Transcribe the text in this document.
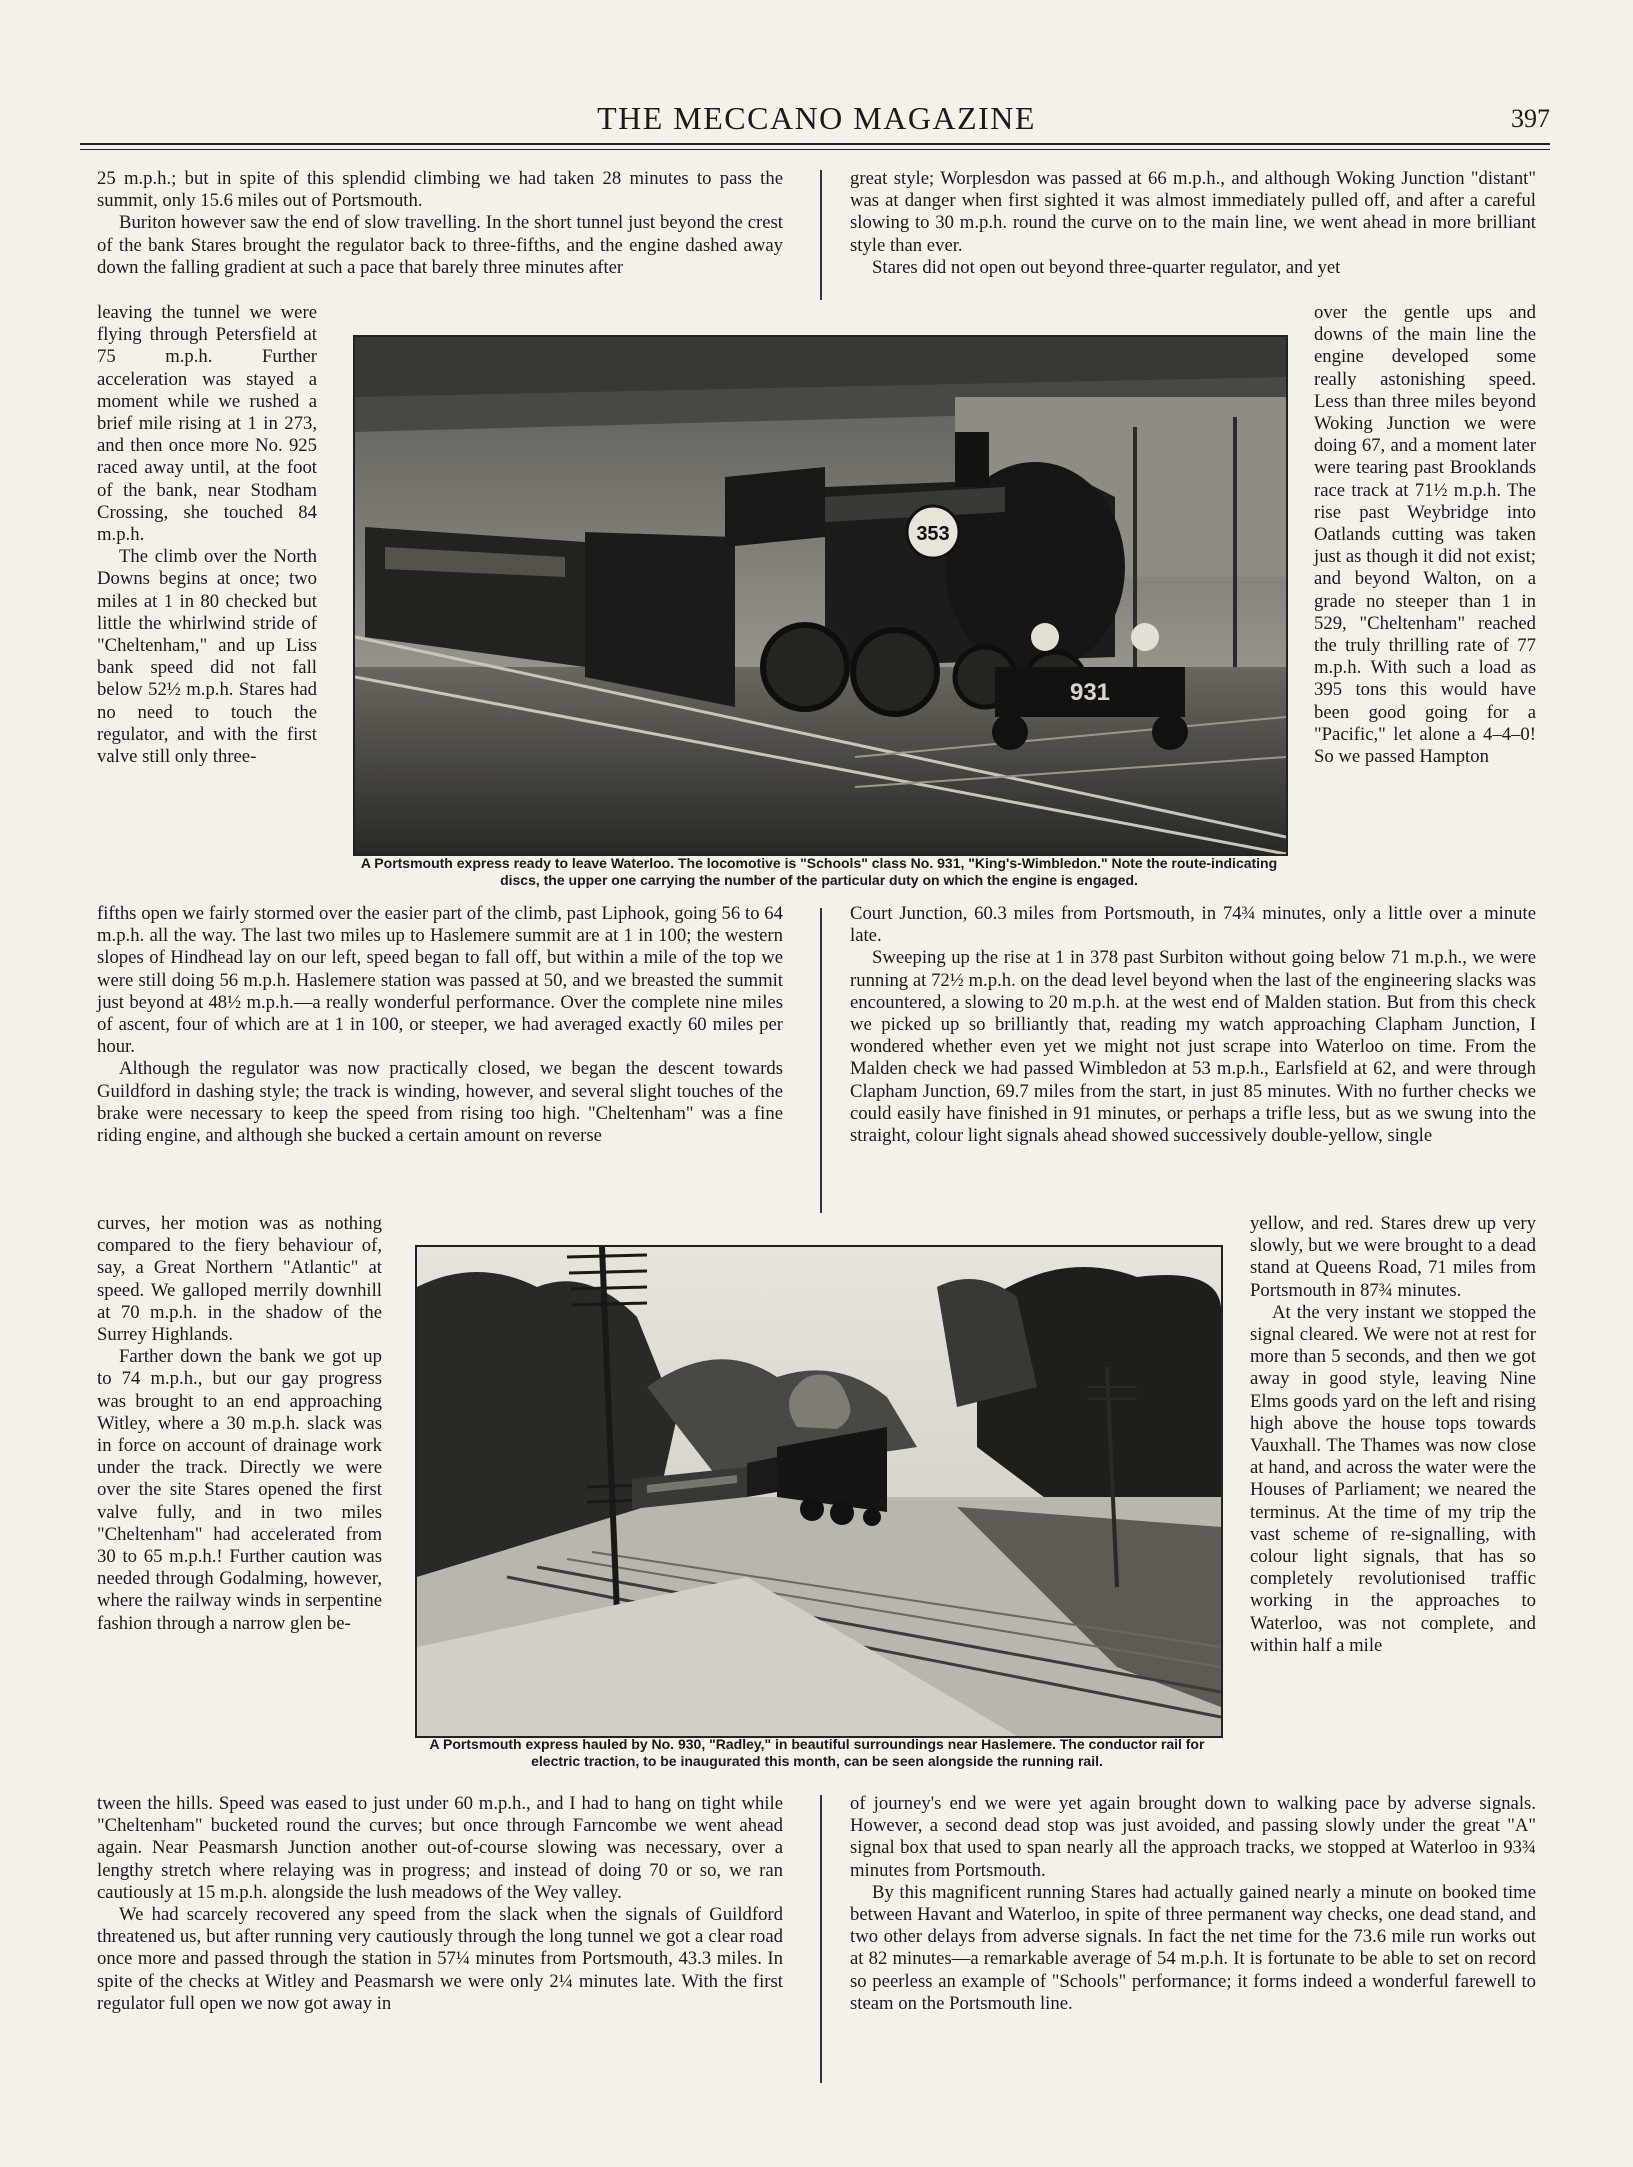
THE MECCANO MAGAZINE	397

25 m.p.h.; but in spite of this splendid climbing we had taken 28 minutes to pass the summit, only 15.6 miles out of Portsmouth.

Buriton however saw the end of slow travelling. In the short tunnel just beyond the crest of the bank Stares brought the regulator back to three-fifths, and the engine dashed away down the falling gradient at such a pace that barely three minutes after

great style; Worplesdon was passed at 66 m.p.h., and although Woking Junction "distant" was at danger when first sighted it was almost immediately pulled off, and after a careful slowing to 30 m.p.h. round the curve on to the main line, we went ahead in more brilliant style than ever.

Stares did not open out beyond three-quarter regulator, and yet

leaving the tunnel we were flying through Petersfield at 75 m.p.h. Further acceleration was stayed a moment while we rushed a brief mile rising at 1 in 273, and then once more No. 925 raced away until, at the foot of the bank, near Stodham Crossing, she touched 84 m.p.h.

The climb over the North Downs begins at once; two miles at 1 in 80 checked but little the whirlwind stride of "Cheltenham," and up Liss bank speed did not fall below 52½ m.p.h. Stares had no need to touch the regulator, and with the first valve still only three-

over the gentle ups and downs of the main line the engine developed some really astonishing speed. Less than three miles beyond Woking Junction we were doing 67, and a moment later were tearing past Brooklands race track at 71½ m.p.h. The rise past Weybridge into Oatlands cutting was taken just as though it did not exist; and beyond Walton, on a grade no steeper than 1 in 529, "Cheltenham" reached the truly thrilling rate of 77 m.p.h. With such a load as 395 tons this would have been good going for a "Pacific," let alone a 4–4–0! So we passed Hampton

fifths open we fairly stormed over the easier part of the climb, past Liphook, going 56 to 64 m.p.h. all the way. The last two miles up to Haslemere summit are at 1 in 100; the western slopes of Hindhead lay on our left, speed began to fall off, but within a mile of the top we were still doing 56 m.p.h. Haslemere station was passed at 50, and we breasted the summit just beyond at 48½ m.p.h.—a really wonderful performance. Over the complete nine miles of ascent, four of which are at 1 in 100, or steeper, we had averaged exactly 60 miles per hour.

Although the regulator was now practically closed, we began the descent towards Guildford in dashing style; the track is winding, however, and several slight touches of the brake were necessary to keep the speed from rising too high. "Cheltenham" was a fine riding engine, and although she bucked a certain amount on reverse

Court Junction, 60.3 miles from Portsmouth, in 74¾ minutes, only a little over a minute late.

Sweeping up the rise at 1 in 378 past Surbiton without going below 71 m.p.h., we were running at 72½ m.p.h. on the dead level beyond when the last of the engineering slacks was encountered, a slowing to 20 m.p.h. at the west end of Malden station. But from this check we picked up so brilliantly that, reading my watch approaching Clapham Junction, I wondered whether even yet we might not just scrape into Waterloo on time. From the Malden check we had passed Wimbledon at 53 m.p.h., Earlsfield at 62, and were through Clapham Junction, 69.7 miles from the start, in just 85 minutes. With no further checks we could easily have finished in 91 minutes, or perhaps a trifle less, but as we swung into the straight, colour light signals ahead showed successively double-yellow, single

curves, her motion was as nothing compared to the fiery behaviour of, say, a Great Northern "Atlantic" at speed. We galloped merrily downhill at 70 m.p.h. in the shadow of the Surrey Highlands.

Farther down the bank we got up to 74 m.p.h., but our gay progress was brought to an end approaching Witley, where a 30 m.p.h. slack was in force on account of drainage work under the track. Directly we were over the site Stares opened the first valve fully, and in two miles "Cheltenham" had accelerated from 30 to 65 m.p.h.! Further caution was needed through Godalming, however, where the railway winds in serpentine fashion through a narrow glen be-

yellow, and red. Stares drew up very slowly, but we were brought to a dead stand at Queens Road, 71 miles from Portsmouth in 87¾ minutes.

At the very instant we stopped the signal cleared. We were not at rest for more than 5 seconds, and then we got away in good style, leaving Nine Elms goods yard on the left and rising high above the house tops towards Vauxhall. The Thames was now close at hand, and across the water were the Houses of Parliament; we neared the terminus. At the time of my trip the vast scheme of re-signalling, with colour light signals, that has so completely revolutionised traffic working in the approaches to Waterloo, was not complete, and within half a mile

tween the hills. Speed was eased to just under 60 m.p.h., and I had to hang on tight while "Cheltenham" bucketed round the curves; but once through Farncombe we went ahead again. Near Peasmarsh Junction another out-of-course slowing was necessary, over a lengthy stretch where relaying was in progress; and instead of doing 70 or so, we ran cautiously at 15 m.p.h. alongside the lush meadows of the Wey valley.

We had scarcely recovered any speed from the slack when the signals of Guildford threatened us, but after running very cautiously through the long tunnel we got a clear road once more and passed through the station in 57¼ minutes from Portsmouth, 43.3 miles. In spite of the checks at Witley and Peasmarsh we were only 2¼ minutes late. With the first regulator full open we now got away in

of journey's end we were yet again brought down to walking pace by adverse signals. However, a second dead stop was just avoided, and passing slowly under the great "A" signal box that used to span nearly all the approach tracks, we stopped at Waterloo in 93¾ minutes from Portsmouth.

By this magnificent running Stares had actually gained nearly a minute on booked time between Havant and Waterloo, in spite of three permanent way checks, one dead stand, and two other delays from adverse signals. In fact the net time for the 73.6 mile run works out at 82 minutes—a remarkable average of 54 m.p.h. It is fortunate to be able to set on record so peerless an example of "Schools" performance; it forms indeed a wonderful farewell to steam on the Portsmouth line.

353
931
A Portsmouth express ready to leave Waterloo. The locomotive is "Schools" class No. 931, "King's-Wimbledon." Note the route-indicating discs, the upper one carrying the number of the particular duty on which the engine is engaged.
A Portsmouth express hauled by No. 930, "Radley," in beautiful surroundings near Haslemere. The conductor rail for electric traction, to be inaugurated this month, can be seen alongside the running rail.
